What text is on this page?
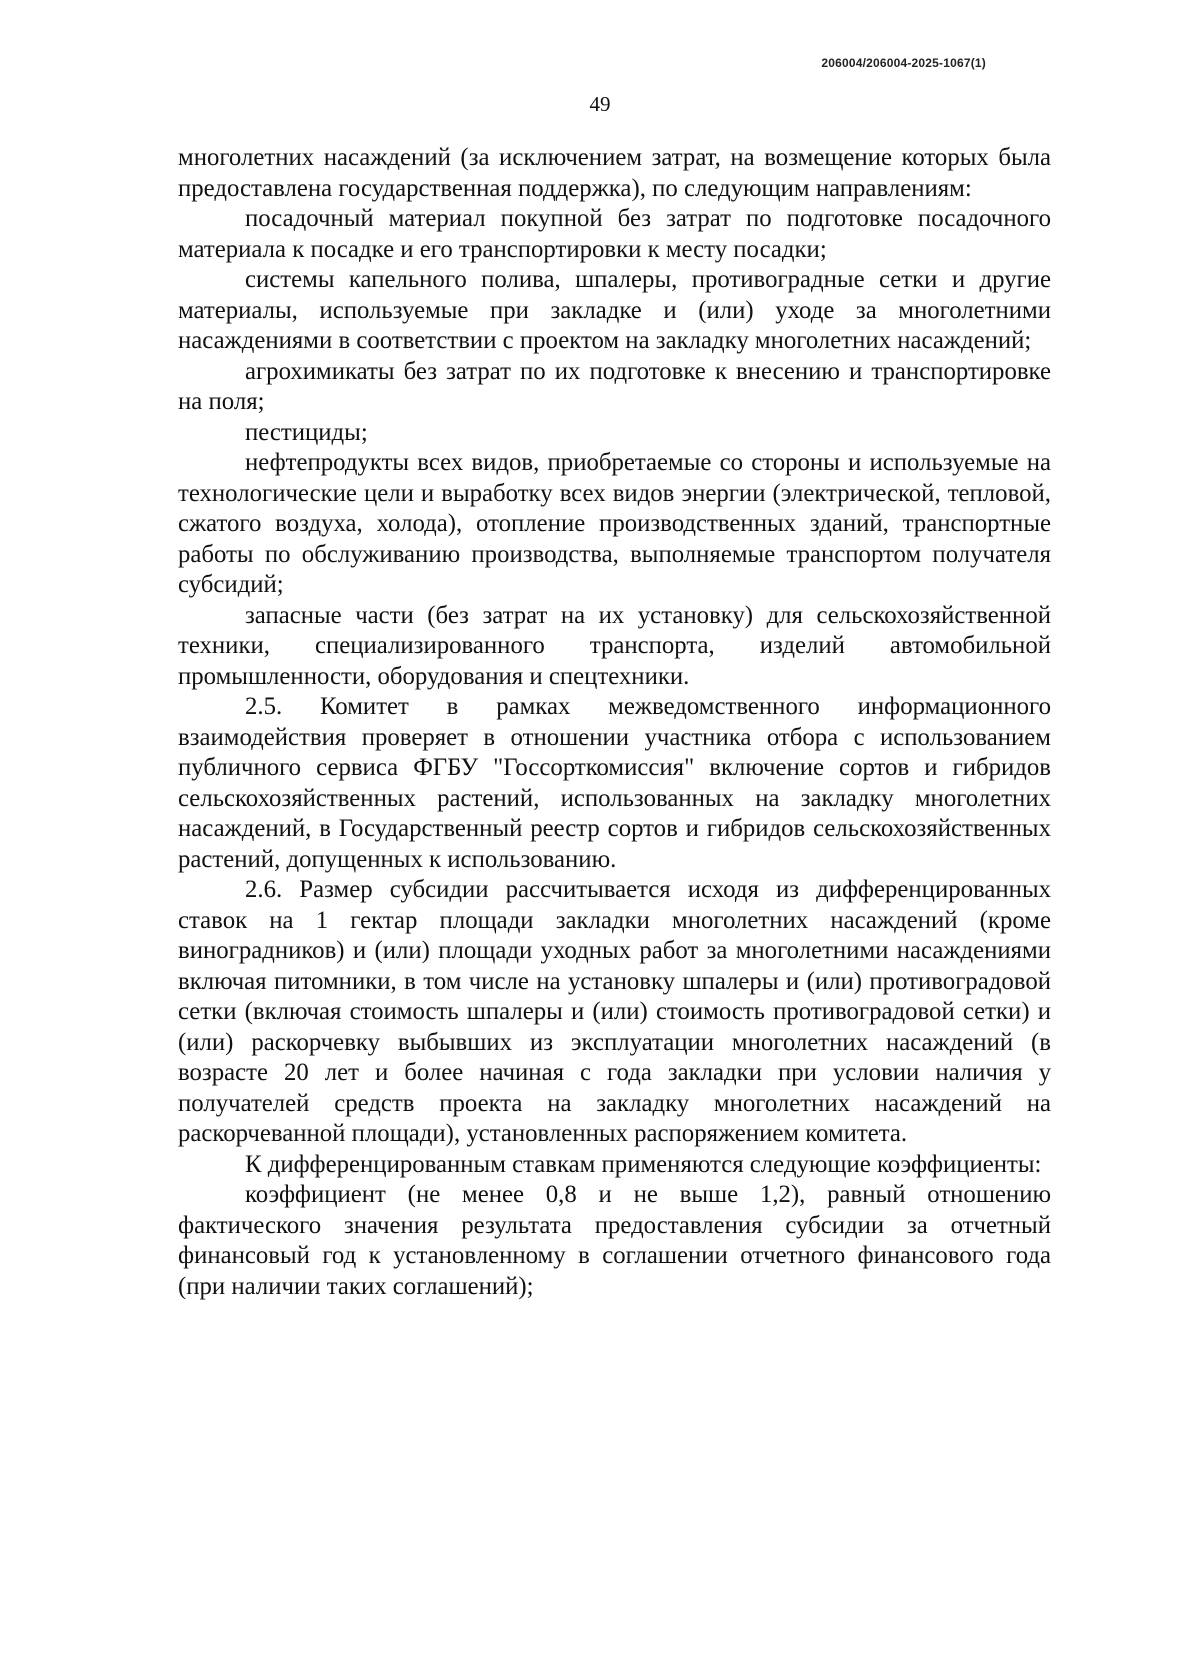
206004/206004-2025-1067(1)
49

многолетних насаждений (за исключением затрат, на возмещение которых была предоставлена государственная поддержка), по следующим направлениям:

посадочный материал покупной без затрат по подготовке посадочного материала к посадке и его транспортировки к месту посадки;

системы капельного полива, шпалеры, противоградные сетки и другие материалы, используемые при закладке и (или) уходе за многолетними насаждениями в соответствии с проектом на закладку многолетних насаждений;

агрохимикаты без затрат по их подготовке к внесению и транспортировке на поля;

пестициды;

нефтепродукты всех видов, приобретаемые со стороны и используемые на технологические цели и выработку всех видов энергии (электрической, тепловой, сжатого воздуха, холода), отопление производственных зданий, транспортные работы по обслуживанию производства, выполняемые транспортом получателя субсидий;

запасные части (без затрат на их установку) для сельскохозяйственной техники, специализированного транспорта, изделий автомобильной промышленности, оборудования и спецтехники.

2.5. Комитет в рамках межведомственного информационного взаимодействия проверяет в отношении участника отбора с использованием публичного сервиса ФГБУ "Госсорткомиссия" включение сортов и гибридов сельскохозяйственных растений, использованных на закладку многолетних насаждений, в Государственный реестр сортов и гибридов сельскохозяйственных растений, допущенных к использованию.

2.6. Размер субсидии рассчитывается исходя из дифференцированных ставок на 1 гектар площади закладки многолетних насаждений (кроме виноградников) и (или) площади уходных работ за многолетними насаждениями включая питомники, в том числе на установку шпалеры и (или) противоградовой сетки (включая стоимость шпалеры и (или) стоимость противоградовой сетки) и (или) раскорчевку выбывших из эксплуатации многолетних насаждений (в возрасте 20 лет и более начиная с года закладки при условии наличия у получателей средств проекта на закладку многолетних насаждений на раскорчеванной площади), установленных распоряжением комитета.

К дифференцированным ставкам применяются следующие коэффициенты:

коэффициент (не менее 0,8 и не выше 1,2), равный отношению фактического значения результата предоставления субсидии за отчетный финансовый год к установленному в соглашении отчетного финансового года (при наличии таких соглашений);
